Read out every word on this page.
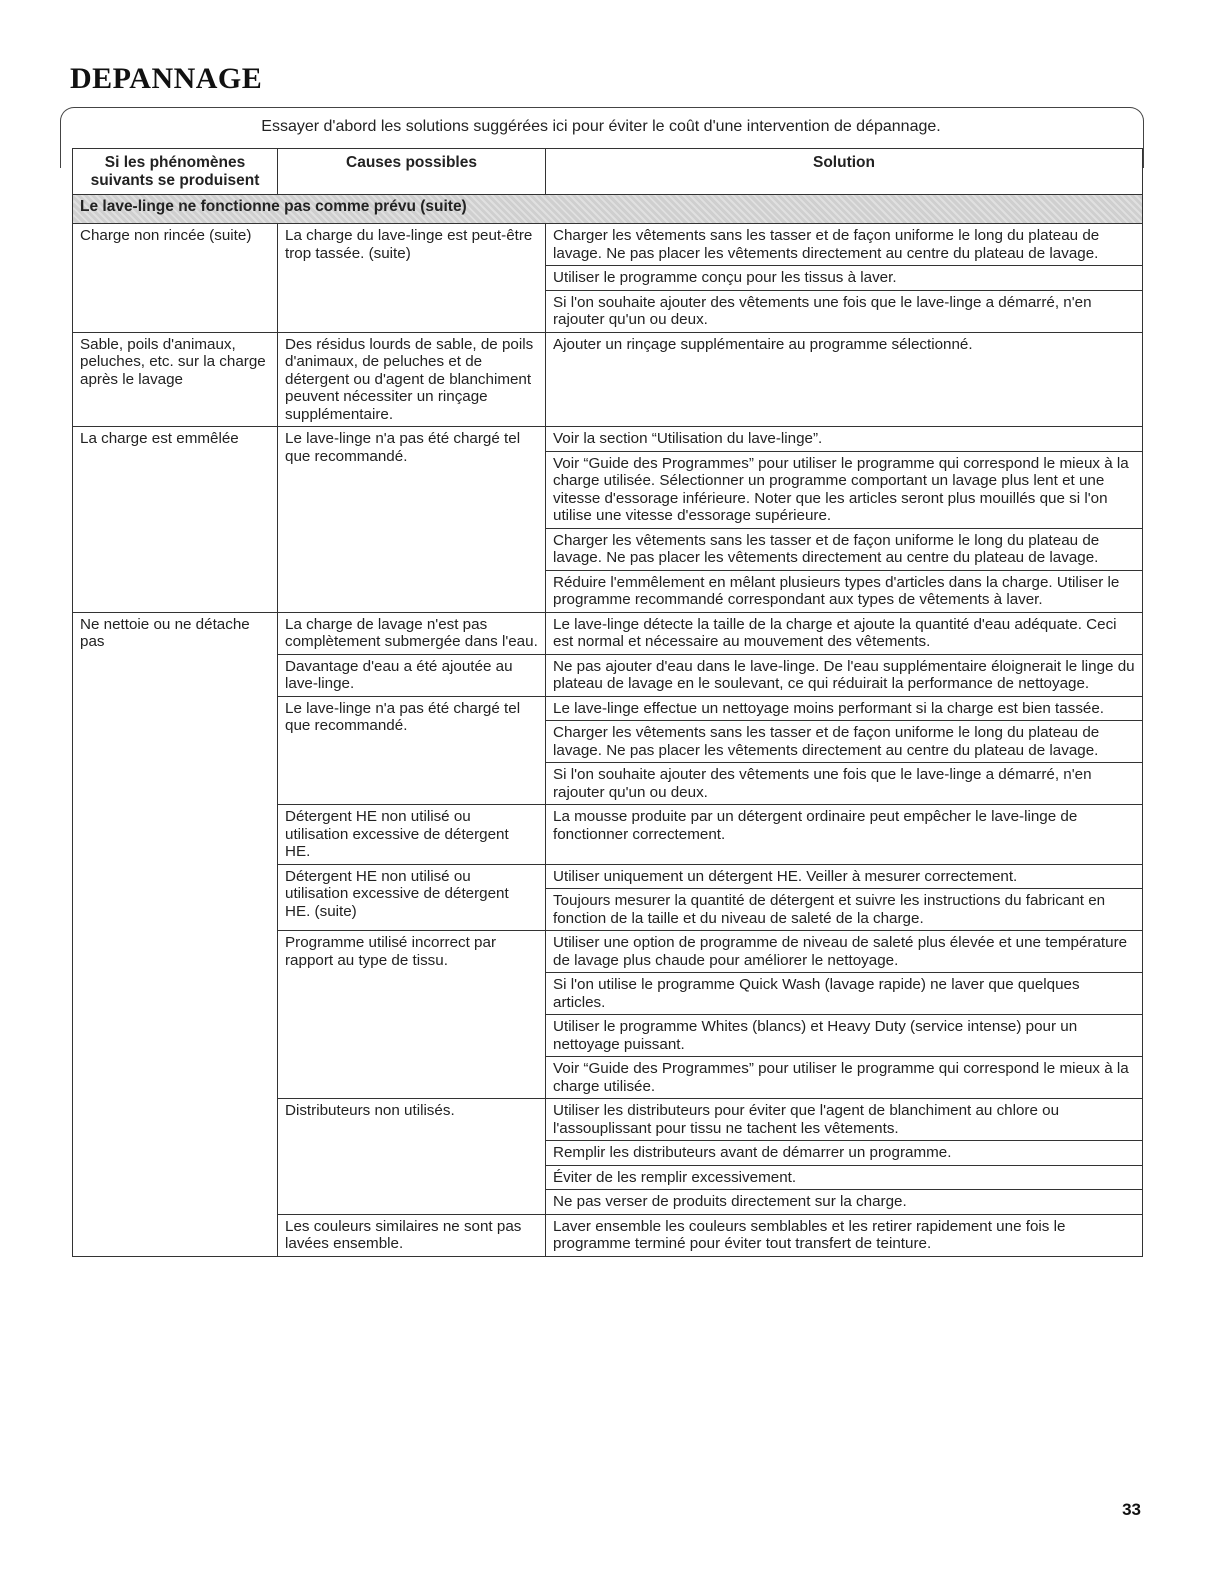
DEPANNAGE
Essayer d'abord les solutions suggérées ici pour éviter le coût d'une intervention de dépannage.
Si les phénomènes suivants se produisent	Causes possibles	Solution
Le lave-linge ne fonctionne pas comme prévu (suite)		
Charge non rincée (suite)	La charge du lave-linge est peut-être trop tassée. (suite)	Charger les vêtements sans les tasser et de façon uniforme le long du plateau de lavage. Ne pas placer les vêtements directement au centre du plateau de lavage.
		Utiliser le programme conçu pour les tissus à laver.
		Si l'on souhaite ajouter des vêtements une fois que le lave-linge a démarré, n'en rajouter qu'un ou deux.
Sable, poils d'animaux, peluches, etc. sur la charge après le lavage	Des résidus lourds de sable, de poils d'animaux, de peluches et de détergent ou d'agent de blanchiment peuvent nécessiter un rinçage supplémentaire.	Ajouter un rinçage supplémentaire au programme sélectionné.
La charge est emmêlée	Le lave-linge n'a pas été chargé tel que recommandé.	Voir la section “Utilisation du lave-linge”.
		Voir “Guide des Programmes” pour utiliser le programme qui correspond le mieux à la charge utilisée. Sélectionner un programme comportant un lavage plus lent et une vitesse d'essorage inférieure. Noter que les articles seront plus mouillés que si l'on utilise une vitesse d'essorage supérieure.
		Charger les vêtements sans les tasser et de façon uniforme le long du plateau de lavage. Ne pas placer les vêtements directement au centre du plateau de lavage.
		Réduire l'emmêlement en mêlant plusieurs types d'articles dans la charge. Utiliser le programme recommandé correspondant aux types de vêtements à laver.
Ne nettoie ou ne détache pas	La charge de lavage n'est pas complètement submergée dans l'eau.	Le lave-linge détecte la taille de la charge et ajoute la quantité d'eau adéquate. Ceci est normal et nécessaire au mouvement des vêtements.
	Davantage d'eau a été ajoutée au lave-linge.	Ne pas ajouter d'eau dans le lave-linge. De l'eau supplémentaire éloignerait le linge du plateau de lavage en le soulevant, ce qui réduirait la performance de nettoyage.
	Le lave-linge n'a pas été chargé tel que recommandé.	Le lave-linge effectue un nettoyage moins performant si la charge est bien tassée.
		Charger les vêtements sans les tasser et de façon uniforme le long du plateau de lavage. Ne pas placer les vêtements directement au centre du plateau de lavage.
		Si l'on souhaite ajouter des vêtements une fois que le lave-linge a démarré, n'en rajouter qu'un ou deux.
	Détergent HE non utilisé ou utilisation excessive de détergent HE.	La mousse produite par un détergent ordinaire peut empêcher le lave-linge de fonctionner correctement.
	Détergent HE non utilisé ou utilisation excessive de détergent HE. (suite)	Utiliser uniquement un détergent HE. Veiller à mesurer correctement.
		Toujours mesurer la quantité de détergent et suivre les instructions du fabricant en fonction de la taille et du niveau de saleté de la charge.
	Programme utilisé incorrect par rapport au type de tissu.	Utiliser une option de programme de niveau de saleté plus élevée et une température de lavage plus chaude pour améliorer le nettoyage.
		Si l'on utilise le programme Quick Wash (lavage rapide) ne laver que quelques articles.
		Utiliser le programme Whites (blancs) et Heavy Duty (service intense) pour un nettoyage puissant.
		Voir “Guide des Programmes” pour utiliser le programme qui correspond le mieux à la charge utilisée.
	Distributeurs non utilisés.	Utiliser les distributeurs pour éviter que l'agent de blanchiment au chlore ou l'assouplissant pour tissu ne tachent les vêtements.
		Remplir les distributeurs avant de démarrer un programme.
		Éviter de les remplir excessivement.
		Ne pas verser de produits directement sur la charge.
	Les couleurs similaires ne sont pas lavées ensemble.	Laver ensemble les couleurs semblables et les retirer rapidement une fois le programme terminé pour éviter tout transfert de teinture.
33
